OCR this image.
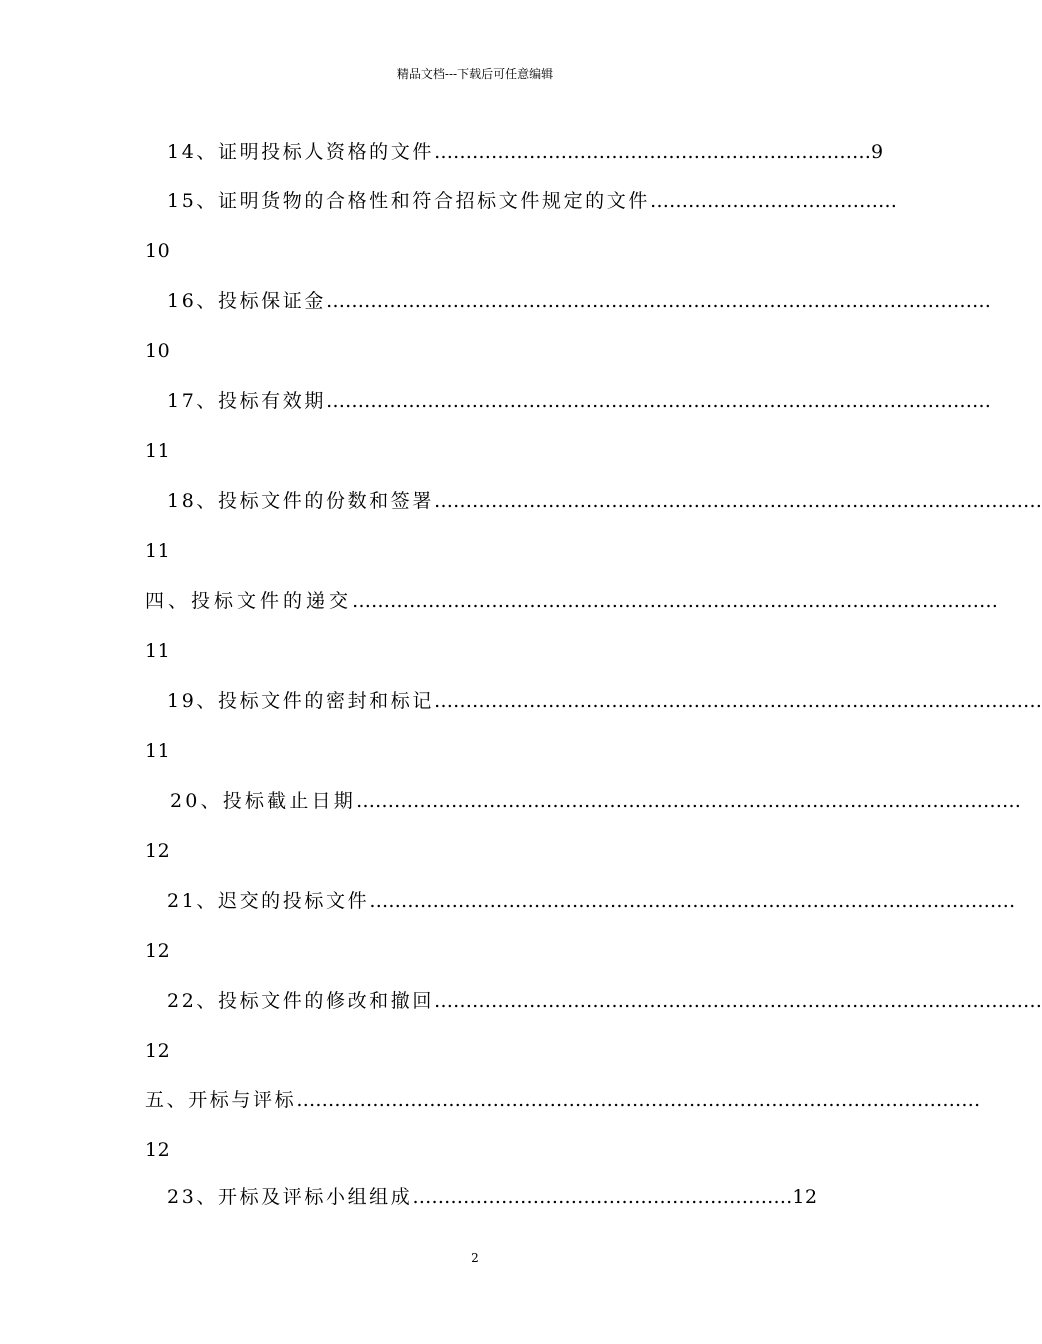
精品文档---下载后可任意编辑
14、证明投标人资格的文件……………………………………………………………9
15、证明货物的合格性和符合招标文件规定的文件…………………………………
10
16、投标保证金……………………………………………………………………………………………
10
17、投标有效期……………………………………………………………………………………………
11
18、投标文件的份数和签署……………………………………………………………………………………
11
四、投标文件的递交…………………………………………………………………………………………
11
19、投标文件的密封和标记……………………………………………………………………………………
11
20、投标截止日期……………………………………………………………………………………………
12
21、迟交的投标文件…………………………………………………………………………………………
12
22、投标文件的修改和撤回……………………………………………………………………………………
12
五、开标与评标………………………………………………………………………………………………
12
23、开标及评标小组组成……………………………………………………12
2
